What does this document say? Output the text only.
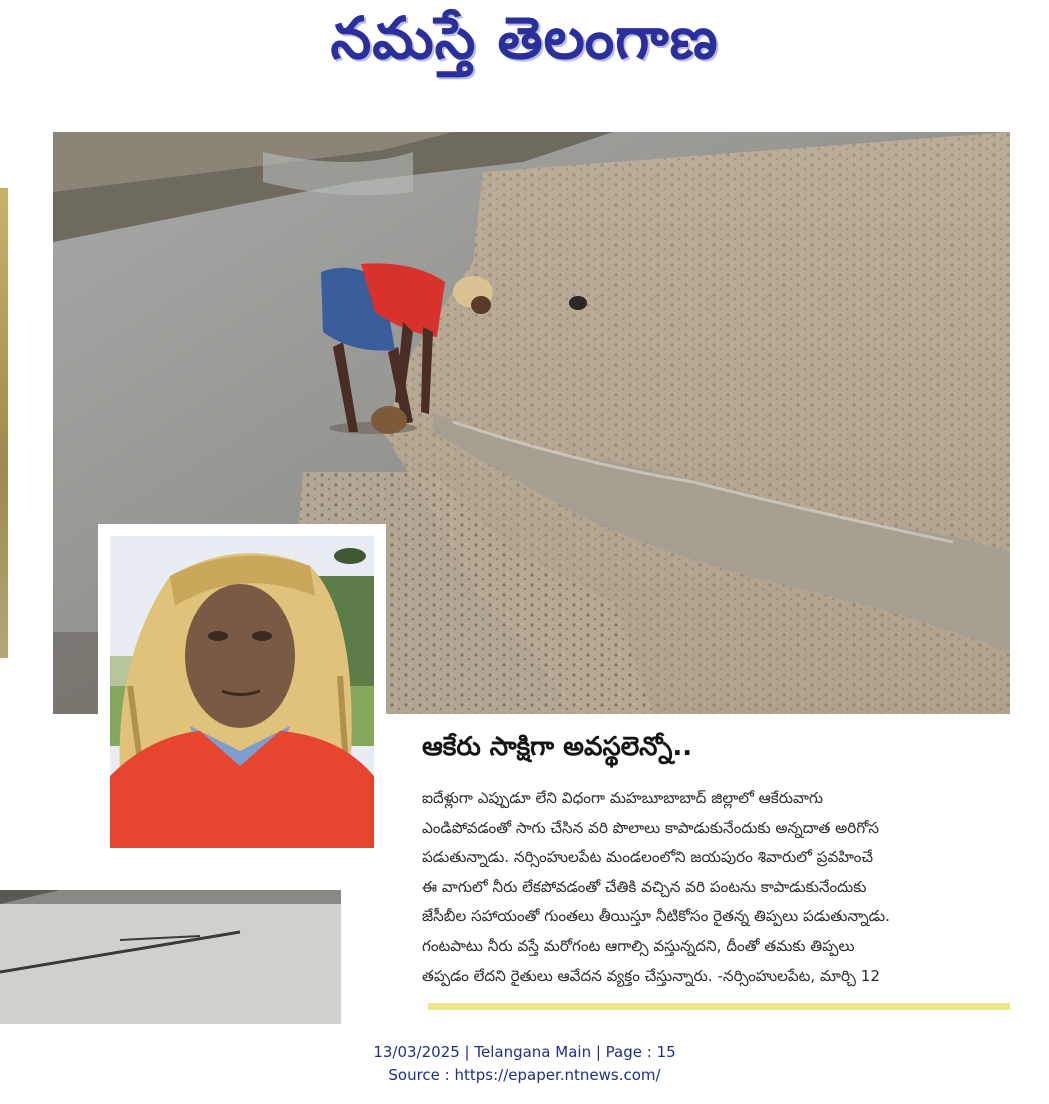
నమస్తే తెలంగాణ
ఆకేరు సాక్షిగా అవస్థలెన్నో..

ఐదేళ్లుగా ఎప్పుడూ లేని విధంగా మహబూబాబాద్ జిల్లాలో ఆకేరువాగు
ఎండిపోవడంతో సాగు చేసిన వరి పొలాలు కాపాడుకునేందుకు అన్నదాత అరిగోస
పడుతున్నాడు. నర్సింహులపేట మండలంలోని జయపురం శివారులో ప్రవహించే
ఈ వాగులో నీరు లేకపోవడంతో చేతికి వచ్చిన వరి పంటను కాపాడుకునేందుకు
జేసీబీల సహాయంతో గుంతలు తీయిస్తూ నీటికోసం రైతన్న తిప్పలు పడుతున్నాడు.
గంటపాటు నీరు వస్తే మరోగంట ఆగాల్సి వస్తున్నదని, దీంతో తమకు తిప్పలు
తప్పడం లేదని రైతులు ఆవేదన వ్యక్తం చేస్తున్నారు. -నర్సింహులపేట, మార్చి 12

13/03/2025 | Telangana Main | Page : 15
Source : https://epaper.ntnews.com/
